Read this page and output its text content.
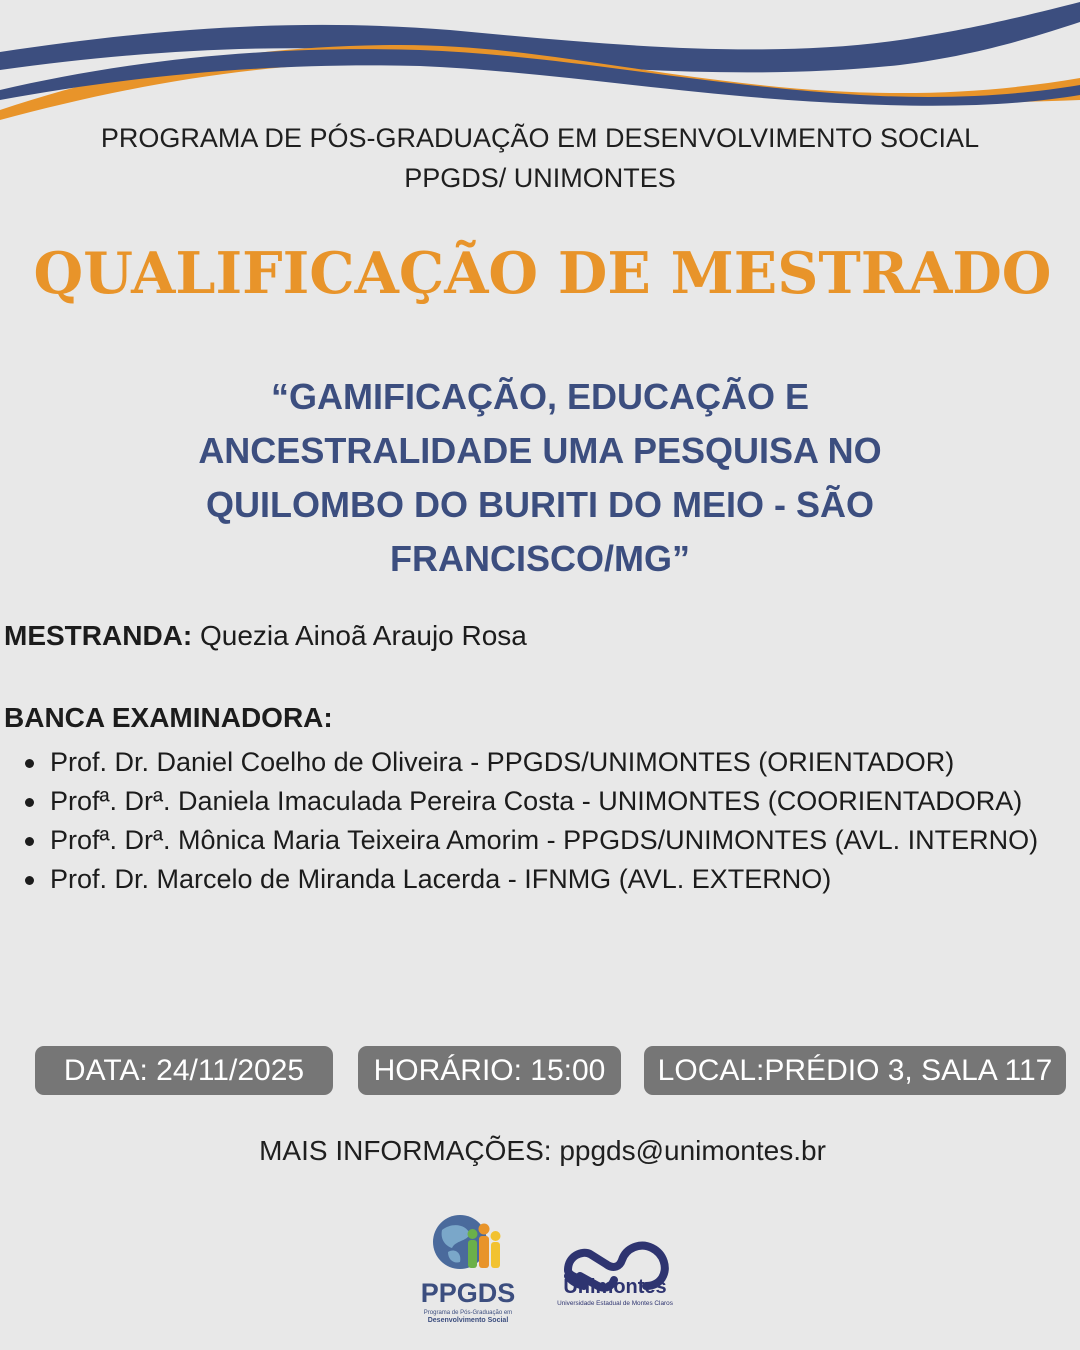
PROGRAMA DE PÓS-GRADUAÇÃO EM DESENVOLVIMENTO SOCIAL
PPGDS/ UNIMONTES
QUALIFICAÇÃO DE MESTRADO
“GAMIFICAÇÃO, EDUCAÇÃO E ANCESTRALIDADE UMA PESQUISA NO QUILOMBO DO BURITI DO MEIO - SÃO FRANCISCO/MG”
MESTRANDA: Quezia Ainoã Araujo Rosa
BANCA EXAMINADORA:
Prof. Dr. Daniel Coelho de Oliveira - PPGDS/UNIMONTES (ORIENTADOR)
Profª. Drª. Daniela Imaculada Pereira Costa - UNIMONTES (COORIENTADORA)
Profª. Drª. Mônica Maria Teixeira Amorim - PPGDS/UNIMONTES (AVL. INTERNO)
Prof. Dr. Marcelo de Miranda Lacerda - IFNMG (AVL. EXTERNO)
DATA: 24/11/2025	HORÁRIO: 15:00	LOCAL:PRÉDIO 3, SALA 117
MAIS INFORMAÇÕES: ppgds@unimontes.br
PPGDS
Programa de Pós-Graduação em
Desenvolvimento Social
Unimontes
Universidade Estadual de Montes Claros
